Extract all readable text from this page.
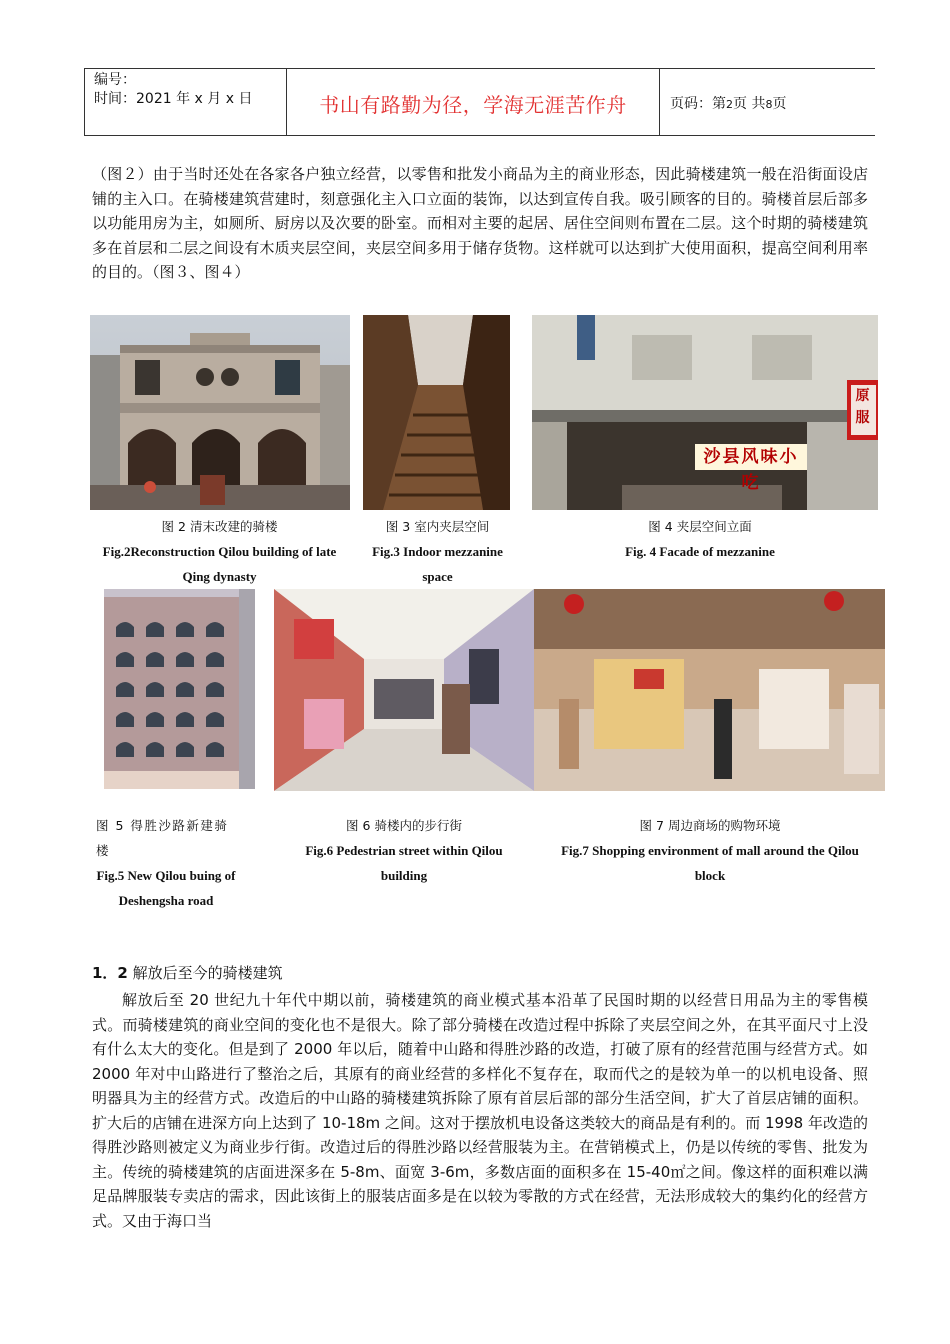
编号：
时间：2021 年 x 月 x 日	书山有路勤为径，学海无涯苦作舟	页码：第2页 共8页
（图２）由于当时还处在各家各户独立经营，以零售和批发小商品为主的商业形态，因此骑楼建筑一般在沿街面设店铺的主入口。在骑楼建筑营建时，刻意强化主入口立面的装饰，以达到宣传自我。吸引顾客的目的。骑楼首层后部多以功能用房为主，如厕所、厨房以及次要的卧室。而相对主要的起居、居住空间则布置在二层。这个时期的骑楼建筑多在首层和二层之间设有木质夹层空间，夹层空间多用于储存货物。这样就可以达到扩大使用面积，提高空间利用率的目的。（图３、图４）
沙县风味小吃
原服
图 2 清末改建的骑楼
Fig.2Reconstruction Qilou building of late Qing dynasty
图 3 室内夹层空间
Fig.3 Indoor mezzanine space
图 4 夹层空间立面
Fig. 4 Facade of mezzanine
图 5 得胜沙路新建骑楼
Fig.5 New Qilou buing of Deshengsha road
图 6 骑楼内的步行街
Fig.6 Pedestrian street within Qilou building
图 7 周边商场的购物环境
Fig.7 Shopping environment of mall around the Qilou block
1．2 解放后至今的骑楼建筑
解放后至 20 世纪九十年代中期以前，骑楼建筑的商业模式基本沿革了民国时期的以经营日用品为主的零售模式。而骑楼建筑的商业空间的变化也不是很大。除了部分骑楼在改造过程中拆除了夹层空间之外，在其平面尺寸上没有什么太大的变化。但是到了 2000 年以后，随着中山路和得胜沙路的改造，打破了原有的经营范围与经营方式。如 2000 年对中山路进行了整治之后，其原有的商业经营的多样化不复存在，取而代之的是较为单一的以机电设备、照明器具为主的经营方式。改造后的中山路的骑楼建筑拆除了原有首层后部的部分生活空间，扩大了首层店铺的面积。扩大后的店铺在进深方向上达到了 10-18m 之间。这对于摆放机电设备这类较大的商品是有利的。而 1998 年改造的得胜沙路则被定义为商业步行街。改造过后的得胜沙路以经营服装为主。在营销模式上，仍是以传统的零售、批发为主。传统的骑楼建筑的店面进深多在 5-8m、面宽 3-6m，多数店面的面积多在 15-40㎡之间。像这样的面积难以满足品牌服装专卖店的需求，因此该街上的服装店面多是在以较为零散的方式在经营，无法形成较大的集约化的经营方式。又由于海口当
